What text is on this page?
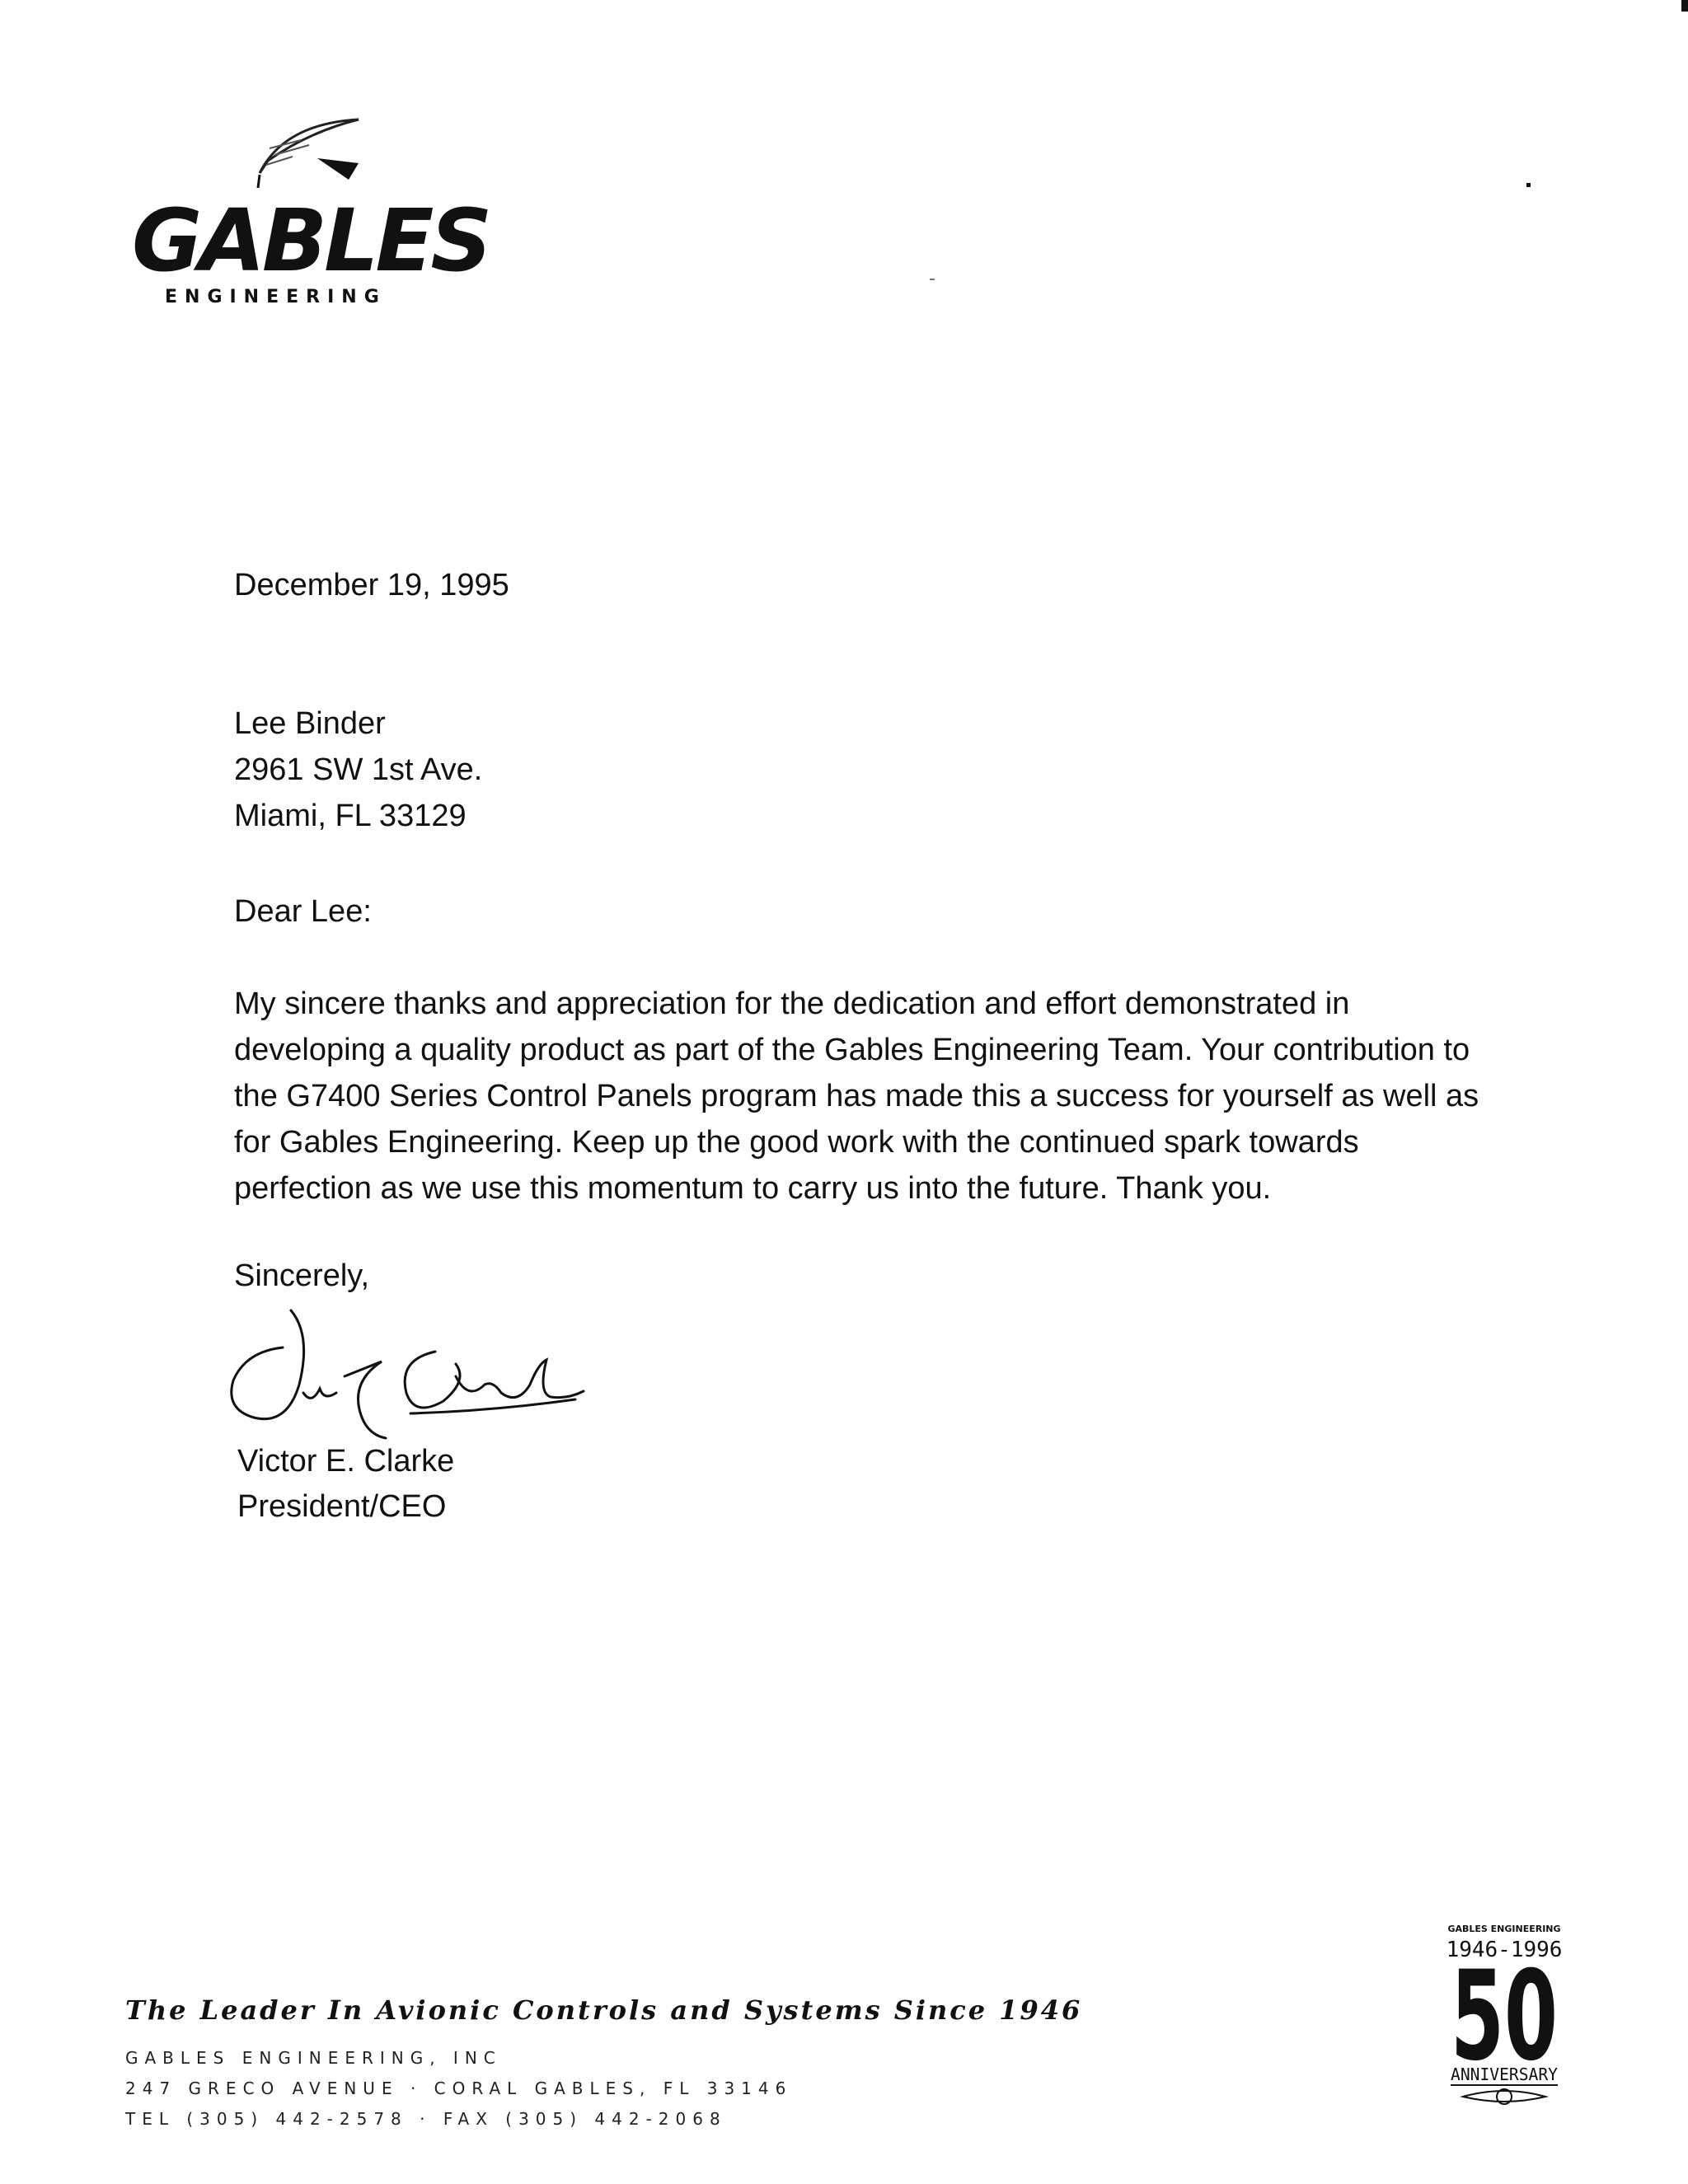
GABLES
ENGINEERING
December 19, 1995
Lee Binder
2961 SW 1st Ave.
Miami, FL 33129
Dear Lee:
My sincere thanks and appreciation for the dedication and effort demonstrated in
developing a quality product as part of the Gables Engineering Team. Your contribution to
the G7400 Series Control Panels program has made this a success for yourself as well as
for Gables Engineering. Keep up the good work with the continued spark towards
perfection as we use this momentum to carry us into the future. Thank you.
Sincerely,
Victor E. Clarke
President/CEO
The Leader In Avionic Controls and Systems Since 1946
GABLES ENGINEERING, INC
247 GRECO AVENUE · CORAL GABLES, FL 33146
TEL (305) 442-2578 · FAX (305) 442-2068
GABLES ENGINEERING
1946-1996
50
ANNIVERSARY
